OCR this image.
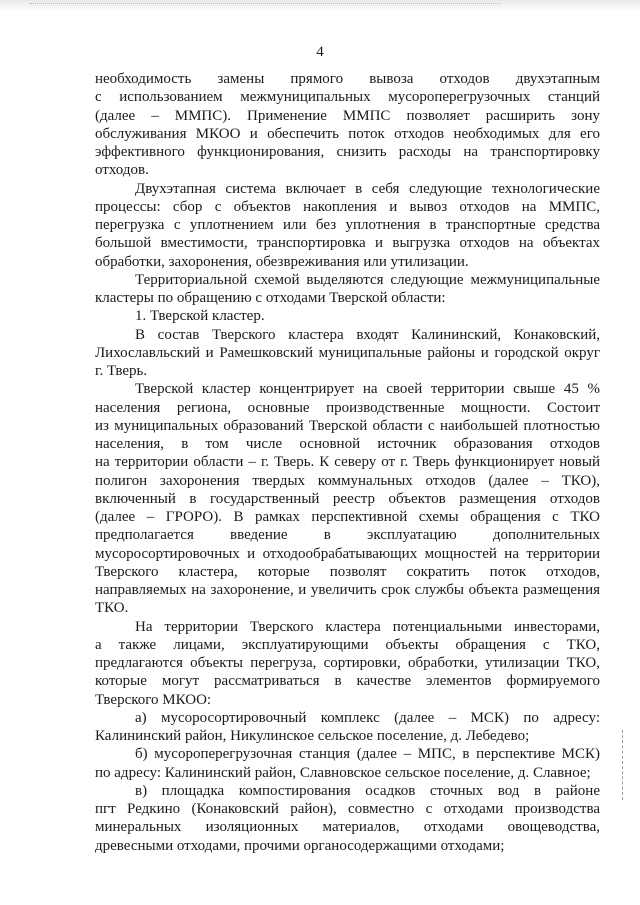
4
необходимость замены прямого вывоза отходов двухэтапным
с использованием межмуниципальных мусороперегрузочных станций
(далее – ММПС). Применение ММПС позволяет расширить зону
обслуживания МКОО и обеспечить поток отходов необходимых для его
эффективного функционирования, снизить расходы на транспортировку
отходов.
Двухэтапная система включает в себя следующие технологические
процессы: сбор с объектов накопления и вывоз отходов на ММПС,
перегрузка с уплотнением или без уплотнения в транспортные средства
большой вместимости, транспортировка и выгрузка отходов на объектах
обработки, захоронения, обезвреживания или утилизации.
Территориальной схемой выделяются следующие межмуниципальные
кластеры по обращению с отходами Тверской области:
1. Тверской кластер.
В состав Тверского кластера входят Калининский, Конаковский,
Лихославльский и Рамешковский муниципальные районы и городской округ
г. Тверь.
Тверской кластер концентрирует на своей территории свыше 45 %
населения региона, основные производственные мощности. Состоит
из муниципальных образований Тверской области с наибольшей плотностью
населения, в том числе основной источник образования отходов
на территории области – г. Тверь. К северу от г. Тверь функционирует новый
полигон захоронения твердых коммунальных отходов (далее – ТКО),
включенный в государственный реестр объектов размещения отходов
(далее – ГРОРО). В рамках перспективной схемы обращения с ТКО
предполагается введение в эксплуатацию дополнительных
мусоросортировочных и отходообрабатывающих мощностей на территории
Тверского кластера, которые позволят сократить поток отходов,
направляемых на захоронение, и увеличить срок службы объекта размещения
ТКО.
На территории Тверского кластера потенциальными инвесторами,
а также лицами, эксплуатирующими объекты обращения с ТКО,
предлагаются объекты перегруза, сортировки, обработки, утилизации ТКО,
которые могут рассматриваться в качестве элементов формируемого
Тверского МКОО:
а) мусоросортировочный комплекс (далее – МСК) по адресу:
Калининский район, Никулинское сельское поселение, д. Лебедево;
б) мусороперегрузочная станция (далее – МПС, в перспективе МСК)
по адресу: Калининский район, Славновское сельское поселение, д. Славное;
в) площадка компостирования осадков сточных вод в районе
пгт Редкино (Конаковский район), совместно с отходами производства
минеральных изоляционных материалов, отходами овощеводства,
древесными отходами, прочими органосодержащими отходами;
